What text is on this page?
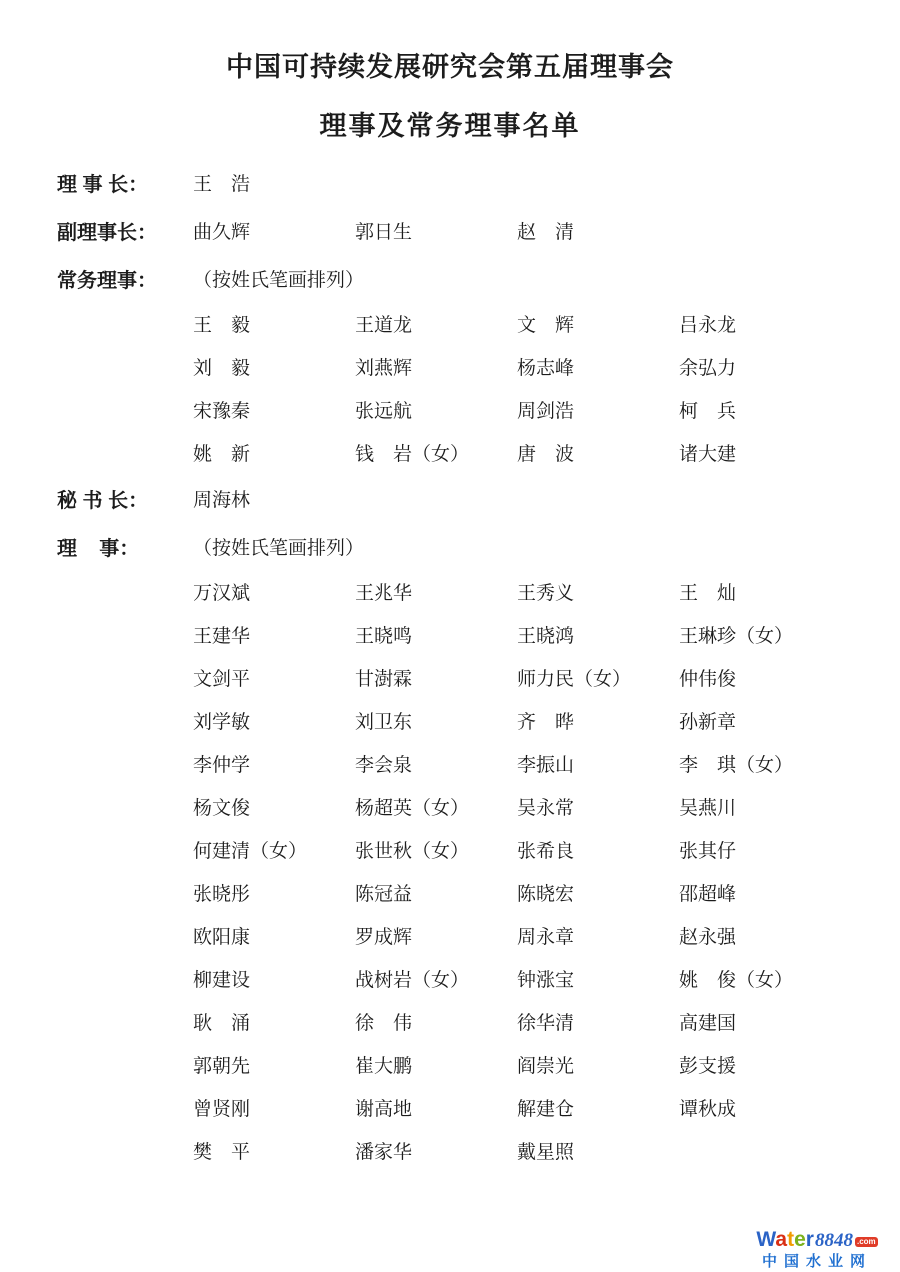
中国可持续发展研究会第五届理事会
理事及常务理事名单
理 事 长：	王　浩
副理事长：	曲久辉	郭日生	赵　清
常务理事：	（按姓氏笔画排列）
王　毅	王道龙	文　辉	吕永龙
刘　毅	刘燕辉	杨志峰	余弘力
宋豫秦	张远航	周剑浩	柯　兵
姚　新	钱　岩（女）	唐　波	诸大建
秘 书 长：	周海林
理    事：	（按姓氏笔画排列）
万汉斌	王兆华	王秀义	王　灿
王建华	王晓鸣	王晓鸿	王琳珍（女）
文剑平	甘澍霖	师力民（女）	仲伟俊
刘学敏	刘卫东	齐　晔	孙新章
李仲学	李会泉	李振山	李　琪（女）
杨文俊	杨超英（女）	吴永常	吴燕川
何建清（女）	张世秋（女）	张希良	张其仔
张晓彤	陈冠益	陈晓宏	邵超峰
欧阳康	罗成辉	周永章	赵永强
柳建设	战树岩（女）	钟涨宝	姚　俊（女）
耿　涌	徐　伟	徐华清	高建国
郭朝先	崔大鹏	阎崇光	彭支援
曾贤刚	谢高地	解建仓	谭秋成
樊　平	潘家华	戴星照
Water 8848 .com
中国水业网
